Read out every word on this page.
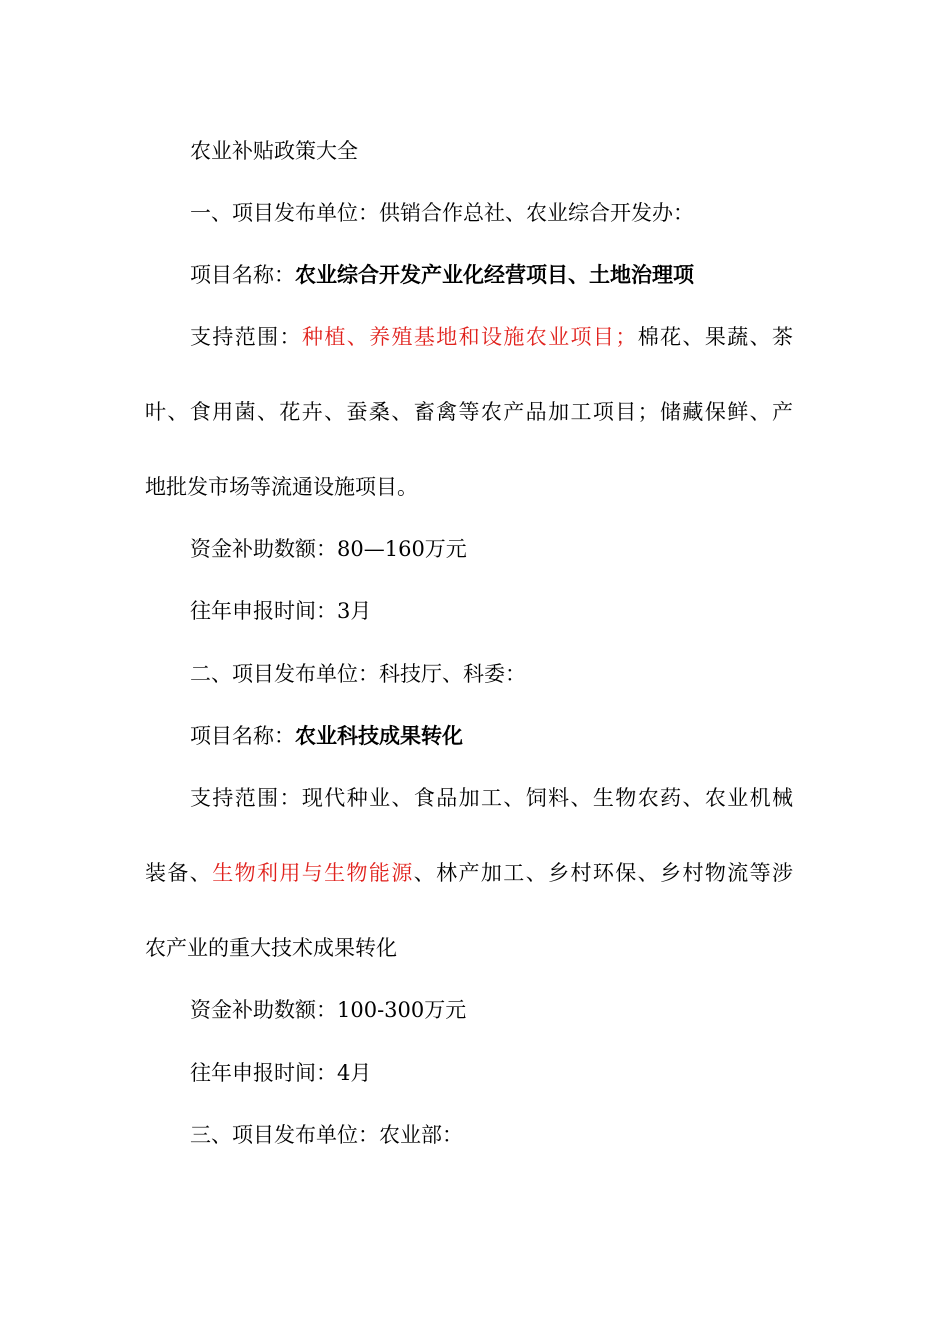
农业补贴政策大全
一、项目发布单位：供销合作总社、农业综合开发办：
项目名称：农业综合开发产业化经营项目、土地治理项
支持范围：种植、养殖基地和设施农业项目；棉花、果蔬、茶
叶、食用菌、花卉、蚕桑、畜禽等农产品加工项目；储藏保鲜、产
地批发市场等流通设施项目。
资金补助数额：80—160万元
往年申报时间：3月
二、项目发布单位：科技厅、科委：
项目名称：农业科技成果转化
支持范围：现代种业、食品加工、饲料、生物农药、农业机械
装备、生物利用与生物能源、林产加工、乡村环保、乡村物流等涉
农产业的重大技术成果转化
资金补助数额：100-300万元
往年申报时间：4月
三、项目发布单位：农业部：
